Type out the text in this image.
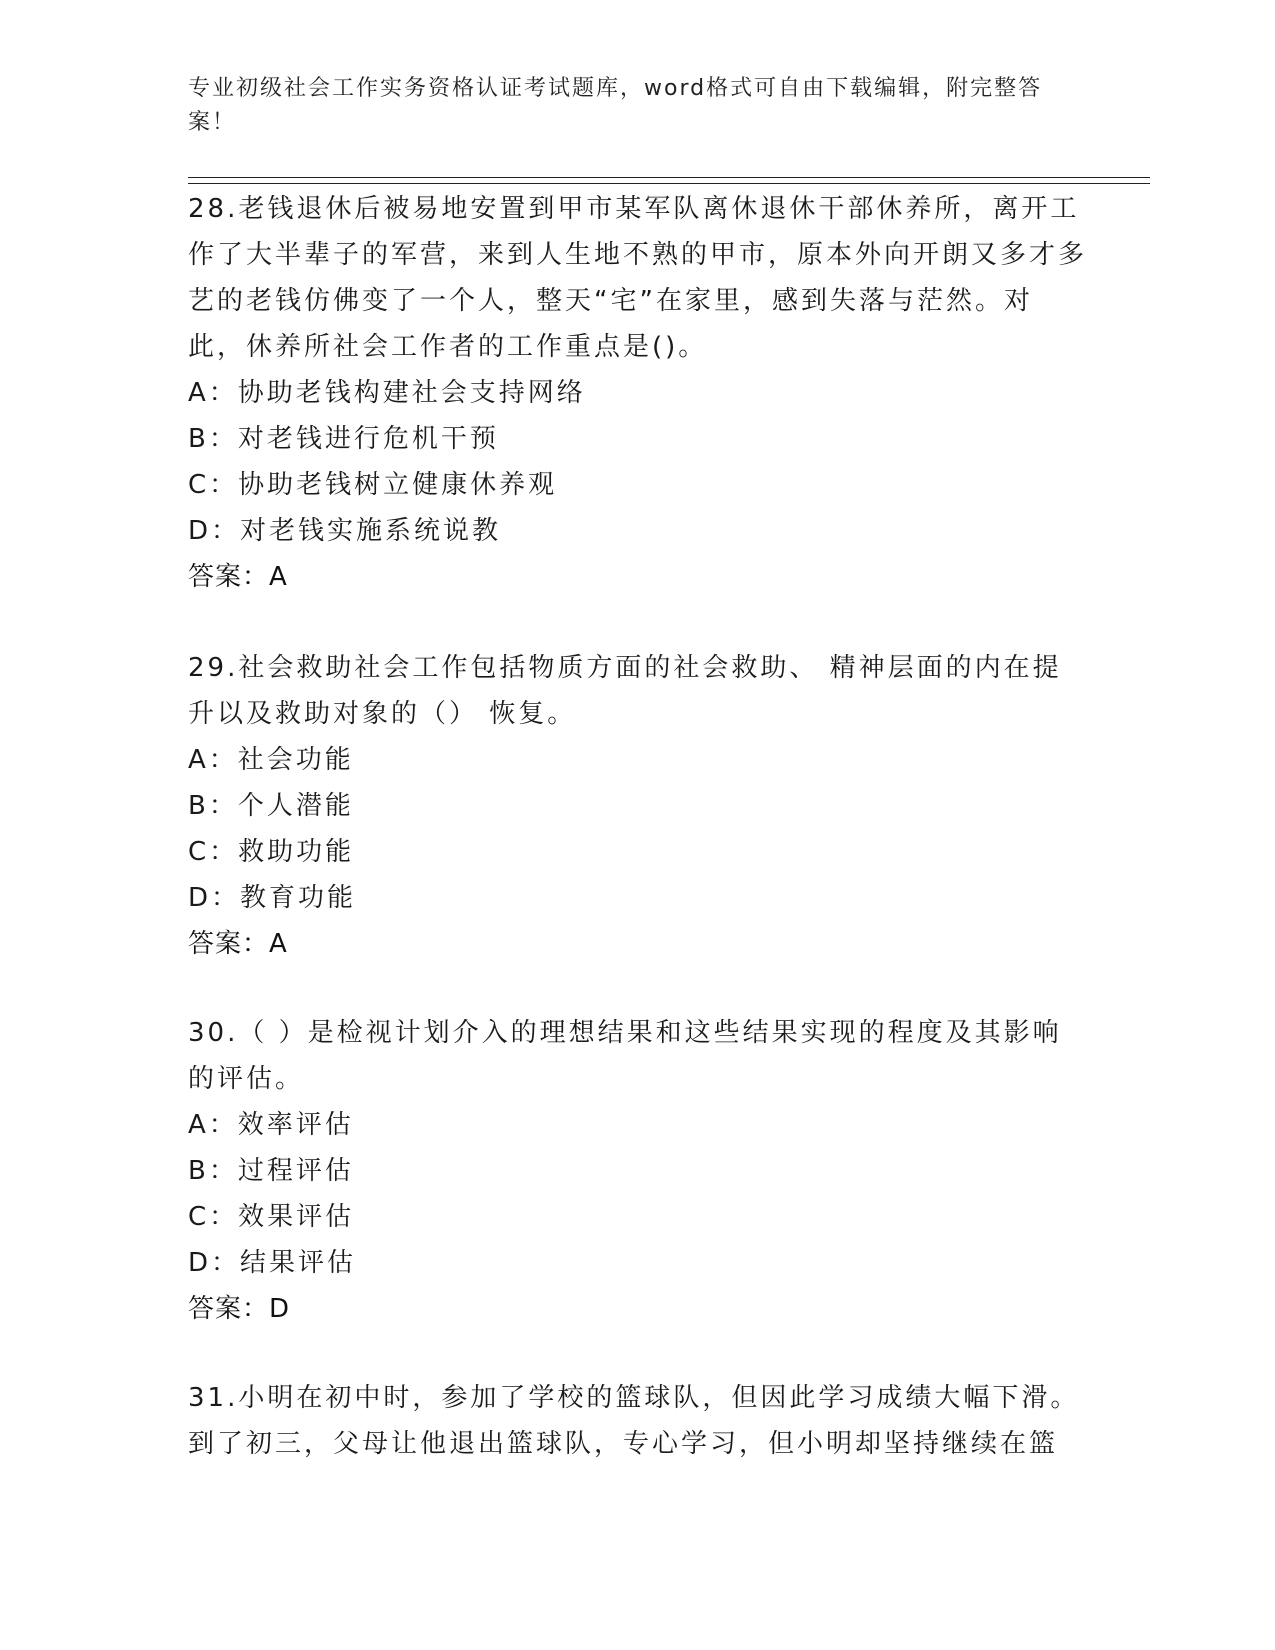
专业初级社会工作实务资格认证考试题库，word格式可自由下载编辑，附完整答案！

28.老钱退休后被易地安置到甲市某军队离休退休干部休养所，离开工作了大半辈子的军营，来到人生地不熟的甲市，原本外向开朗又多才多艺的老钱仿佛变了一个人，整天“宅”在家里，感到失落与茫然。对此，休养所社会工作者的工作重点是()。

A：协助老钱构建社会支持网络

B：对老钱进行危机干预

C：协助老钱树立健康休养观

D：对老钱实施系统说教

答案：A

29.社会救助社会工作包括物质方面的社会救助、 精神层面的内在提升以及救助对象的（） 恢复。

A：社会功能

B：个人潜能

C：救助功能

D：教育功能

答案：A

30.（ ）是检视计划介入的理想结果和这些结果实现的程度及其影响的评估。

A：效率评估

B：过程评估

C：效果评估

D：结果评估

答案：D

31.小明在初中时，参加了学校的篮球队，但因此学习成绩大幅下滑。到了初三，父母让他退出篮球队，专心学习，但小明却坚持继续在篮
